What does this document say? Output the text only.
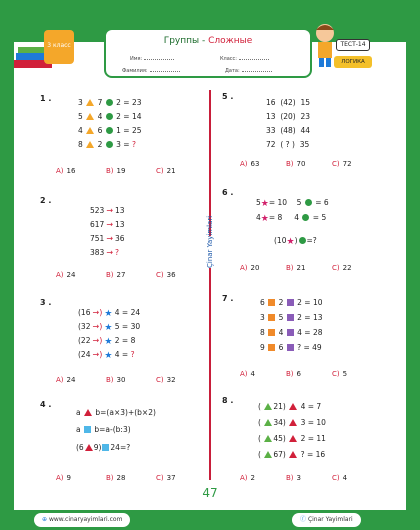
Группы - Сложные
Имя:	Класс:
Фамилия:	Дата:
3 класс	ТЕСТ-14
ЛОГИКА
Çinar Yayimlari
1 .	3 7 2 = 23
5 4 2 = 14
4 6 1 = 25
8 2 3 = ?
A) 16	B) 19	C) 21
2 .
523 → 13
617 → 13
751 → 36
383 → ?
A) 24	B) 27	C) 36
3 .
(16 →) ★ 4 = 24
(32 →) ★ 5 = 30
(22 →) ★ 2 = 8
(24 →) ★ 4 = ?
A) 24	B) 30	C) 32
4 .
a b=(a×3)+(b×2)
a b=a-(b:3)
(6 9) 24=?
A) 9	B) 28	C) 37
5 .
16 (42) 15
13 (20) 23
33 (48) 44
72 ( ? ) 35
A) 63	B) 70	C) 72
6 .
5★= 10 5 = 6
4★= 8 4 = 5
(10★) =?
A) 20	B) 21	C) 22
7 .	6 2 2 = 10
3 5 2 = 13
8 4 4 = 28
9 6 ? = 49
A) 4	B) 6	C) 5
8 .
( 21) 4 = 7
( 34) 3 = 10
( 45) 2 = 11
( 67) ? = 16
A) 2	B) 3	C) 4
47
⊕ www.cinaryayimlari.com	ⓕ Çinar Yayimlari
